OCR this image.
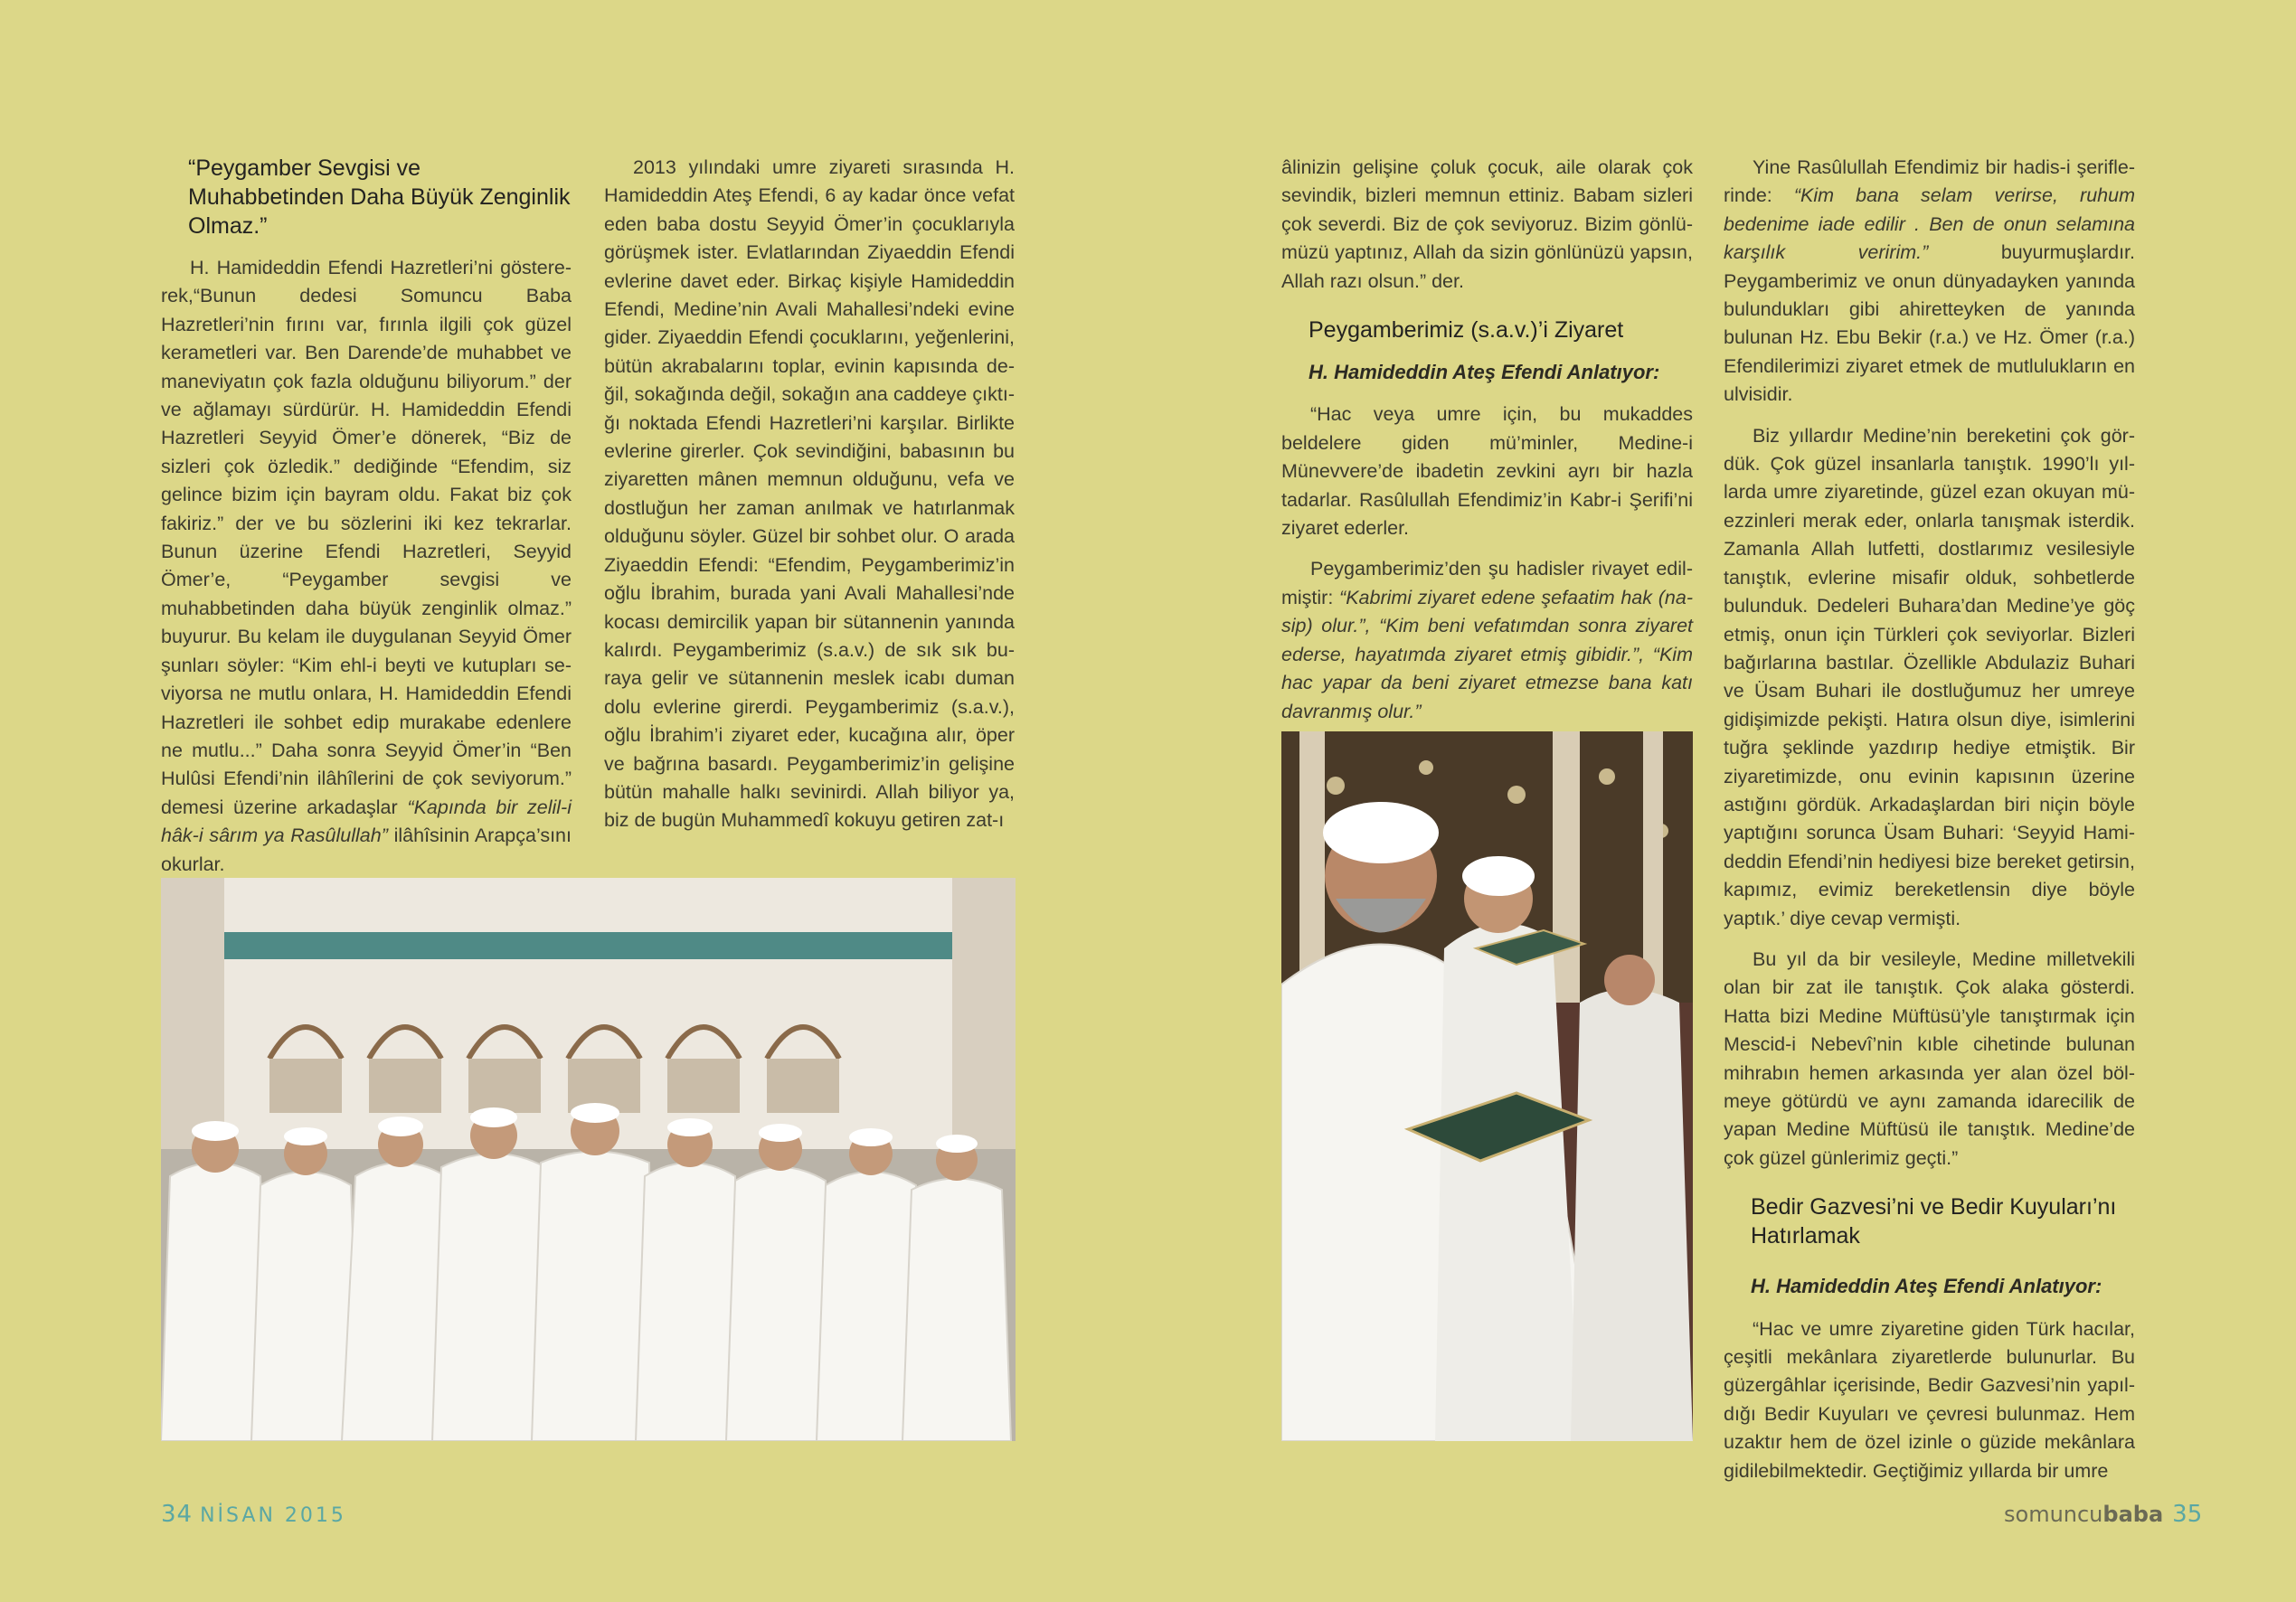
“Peygamber Sevgisi ve Muhabbetinden Daha Büyük Zenginlik Olmaz.”

H. Hamideddin Efendi Hazretleri’ni göstererek,“Bunun dedesi Somuncu Baba Hazretleri’nin fırını var, fırınla ilgili çok güzel kerametleri var. Ben Darende’de muhabbet ve maneviyatın çok fazla olduğunu biliyorum.” der ve ağlamayı sürdürür. H. Hamideddin Efendi Hazretleri Seyyid Ömer’e dönerek, “Biz de sizleri çok özledik.” dediğinde “Efendim, siz gelince bizim için bayram oldu. Fakat biz çok fakiriz.” der ve bu sözlerini iki kez tekrarlar. Bunun üzerine Efendi Hazretleri, Seyyid Ömer’e, “Peygamber sevgisi ve muhabbetinden daha büyük zenginlik olmaz.” buyurur. Bu kelam ile duygulanan Seyyid Ömer şunları söyler: “Kim ehl-i beyti ve kutupları seviyorsa ne mutlu onlara, H. Hamideddin Efendi Hazretleri ile sohbet edip murakabe edenlere ne mutlu...” Daha sonra Seyyid Ömer’in “Ben Hulûsi Efendi’nin ilâhîlerini de çok seviyorum.” demesi üzerine arkadaşlar “Kapında bir zelil-i hâk-i sârım ya Rasûlullah” ilâhîsinin Arapça’sını okurlar.

2013 yılındaki umre ziyareti sırasında H. Hamideddin Ateş Efendi, 6 ay kadar önce vefat eden baba dostu Seyyid Ömer’in çocuklarıyla görüşmek ister. Evlatlarından Ziyaeddin Efendi evlerine davet eder. Birkaç kişiyle Hamideddin Efendi, Medine’nin Avali Mahallesi’ndeki evine gider. Ziyaeddin Efendi çocuklarını, yeğenlerini, bütün akrabalarını toplar, evinin kapısında değil, sokağında değil, sokağın ana caddeye çıktığı noktada Efendi Hazretleri’ni karşılar. Birlikte evlerine girerler. Çok sevindiğini, babasının bu ziyaretten mânen memnun olduğunu, vefa ve dostluğun her zaman anılmak ve hatırlanmak olduğunu söyler. Güzel bir sohbet olur. O arada Ziyaeddin Efendi: “Efendim, Peygamberimiz’in oğlu İbrahim, burada yani Avali Mahallesi’nde kocası demircilik yapan bir sütannenin yanında kalırdı. Peygamberimiz (s.a.v.) de sık sık buraya gelir ve sütannenin meslek icabı duman dolu evlerine girerdi. Peygamberimiz (s.a.v.), oğlu İbrahim’i ziyaret eder, kucağına alır, öper ve bağrına basardı. Peygamberimiz’in gelişine bütün mahalle halkı sevinirdi. Allah biliyor ya, biz de bugün Muhammedî kokuyu getiren zat-ı

âlinizin gelişine çoluk çocuk, aile olarak çok sevindik, bizleri memnun ettiniz. Babam sizleri çok severdi. Biz de çok seviyoruz. Bizim gönlümüzü yaptınız, Allah da sizin gönlünüzü yapsın, Allah razı olsun.” der.

Peygamberimiz (s.a.v.)’i Ziyaret
H. Hamideddin Ateş Efendi Anlatıyor:

“Hac veya umre için, bu mukaddes beldelere giden mü’minler, Medine-i Münevvere’de ibadetin zevkini ayrı bir hazla tadarlar. Rasûlullah Efendimiz’in Kabr-i Şerifi’ni ziyaret ederler.

Peygamberimiz’den şu hadisler rivayet edilmiştir: “Kabrimi ziyaret edene şefaatim hak (nasip) olur.”, “Kim beni vefatımdan sonra ziyaret ederse, hayatımda ziyaret etmiş gibidir.”, “Kim hac yapar da beni ziyaret etmezse bana katı davranmış olur.”

Yine Rasûlullah Efendimiz bir hadis-i şeriflerinde: “Kim bana selam verirse, ruhum bedenime iade edilir . Ben de onun selamına karşılık veririm.” buyurmuşlardır. Peygamberimiz ve onun dünyadayken yanında bulundukları gibi ahiretteyken de yanında bulunan Hz. Ebu Bekir (r.a.) ve Hz. Ömer (r.a.) Efendilerimizi ziyaret etmek de mutlulukların en ulvisidir.

Biz yıllardır Medine’nin bereketini çok gördük. Çok güzel insanlarla tanıştık. 1990’lı yıllarda umre ziyaretinde, güzel ezan okuyan müezzinleri merak eder, onlarla tanışmak isterdik. Zamanla Allah lutfetti, dostlarımız vesilesiyle tanıştık, evlerine misafir olduk, sohbetlerde bulunduk. Dedeleri Buhara’dan Medine’ye göç etmiş, onun için Türkleri çok seviyorlar. Bizleri bağırlarına bastılar. Özellikle Abdulaziz Buhari ve Üsam Buhari ile dostluğumuz her umreye gidişimizde pekişti. Hatıra olsun diye, isimlerini tuğra şeklinde yazdırıp hediye etmiştik. Bir ziyaretimizde, onu evinin kapısının üzerine astığını gördük. Arkadaşlardan biri niçin böyle yaptığını sorunca Üsam Buhari: ‘Seyyid Hamideddin Efendi’nin hediyesi bize bereket getirsin, kapımız, evimiz bereketlensin diye böyle yaptık.’ diye cevap vermişti.

Bu yıl da bir vesileyle, Medine milletvekili olan bir zat ile tanıştık. Çok alaka gösterdi. Hatta bizi Medine Müftüsü’yle tanıştırmak için Mescid-i Nebevî’nin kıble cihetinde bulunan mihrabın hemen arkasında yer alan özel bölmeye götürdü ve aynı zamanda idarecilik de yapan Medine Müftüsü ile tanıştık. Medine’de çok güzel günlerimiz geçti.”

Bedir Gazvesi’ni ve Bedir Kuyuları’nı Hatırlamak
H. Hamideddin Ateş Efendi Anlatıyor:

“Hac ve umre ziyaretine giden Türk hacılar, çeşitli mekânlara ziyaretlerde bulunurlar. Bu güzergâhlar içerisinde, Bedir Gazvesi’nin yapıldığı Bedir Kuyuları ve çevresi bulunmaz. Hem uzaktır hem de özel izinle o güzide mekânlara gidilebilmektedir. Geçtiğimiz yıllarda bir umre

34 NİSAN 2015	somuncubaba 35
